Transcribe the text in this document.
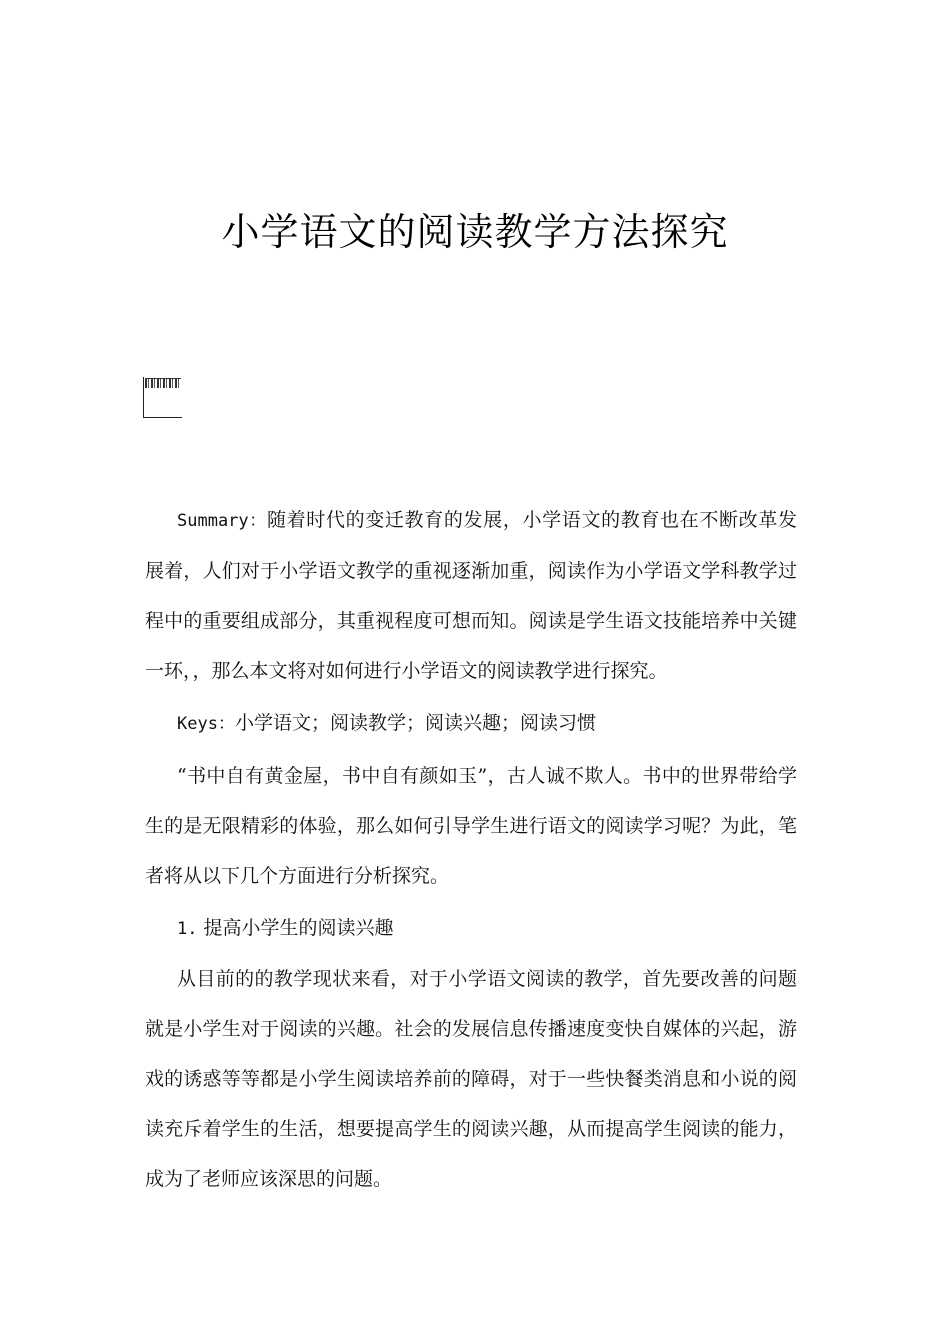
小学语文的阅读教学方法探究

Summary：随着时代的变迁教育的发展，小学语文的教育也在不断改革发展着，人们对于小学语文教学的重视逐渐加重，阅读作为小学语文学科教学过程中的重要组成部分，其重视程度可想而知。阅读是学生语文技能培养中关键一环，，那么本文将对如何进行小学语文的阅读教学进行探究。

Keys：小学语文；阅读教学；阅读兴趣；阅读习惯

“书中自有黄金屋，书中自有颜如玉”，古人诚不欺人。书中的世界带给学生的是无限精彩的体验，那么如何引导学生进行语文的阅读学习呢？为此，笔者将从以下几个方面进行分析探究。

1. 提高小学生的阅读兴趣

从目前的的教学现状来看，对于小学语文阅读的教学，首先要改善的问题就是小学生对于阅读的兴趣。社会的发展信息传播速度变快自媒体的兴起，游戏的诱惑等等都是小学生阅读培养前的障碍，对于一些快餐类消息和小说的阅读充斥着学生的生活，想要提高学生的阅读兴趣，从而提高学生阅读的能力，成为了老师应该深思的问题。
